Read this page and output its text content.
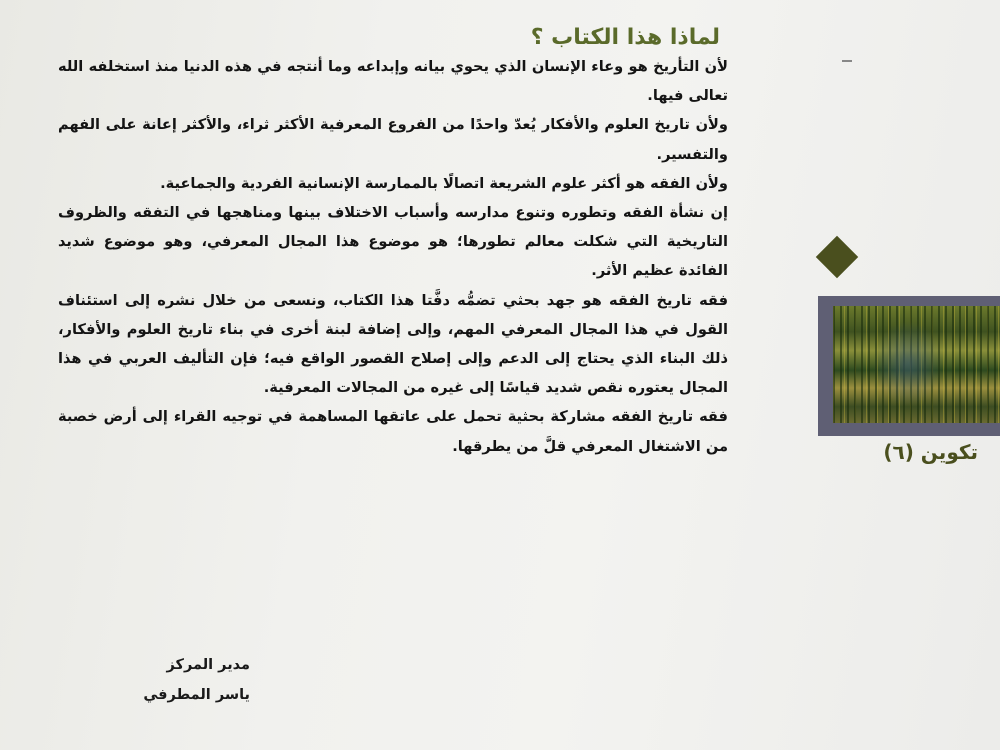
لماذا هذا الكتاب ؟

لأن التأريخ هو وعاء الإنسان الذي يحوي بيانه وإبداعه وما أنتجه في هذه الدنيا منذ استخلفه الله تعالى فيها.

ولأن تاريخ العلوم والأفكار يُعدّ واحدًا من الفروع المعرفية الأكثر ثراء، والأكثر إعانة على الفهم والتفسير.

ولأن الفقه هو أكثر علوم الشريعة اتصالًا بالممارسة الإنسانية الفردية والجماعية.

إن نشأة الفقه وتطوره وتنوع مدارسه وأسباب الاختلاف بينها ومناهجها في التفقه والظروف التاريخية التي شكلت معالم تطورها؛ هو موضوع هذا المجال المعرفي، وهو موضوع شديد الفائدة عظيم الأثر.

فقه تاريخ الفقه هو جهد بحثي تضمُّه دفَّتا هذا الكتاب، ونسعى من خلال نشره إلى استئناف القول في هذا المجال المعرفي المهم، وإلى إضافة لبنة أخرى في بناء تاريخ العلوم والأفكار، ذلك البناء الذي يحتاج إلى الدعم وإلى إصلاح القصور الواقع فيه؛ فإن التأليف العربي في هذا المجال يعتوره نقص شديد قياسًا إلى غيره من المجالات المعرفية.

فقه تاريخ الفقه مشاركة بحثية تحمل على عاتقها المساهمة في توجيه القراء إلى أرض خصبة من الاشتغال المعرفي قلَّ من يطرقها.

مدير المركز
ياسر المطرفي
تكوين (٦)
